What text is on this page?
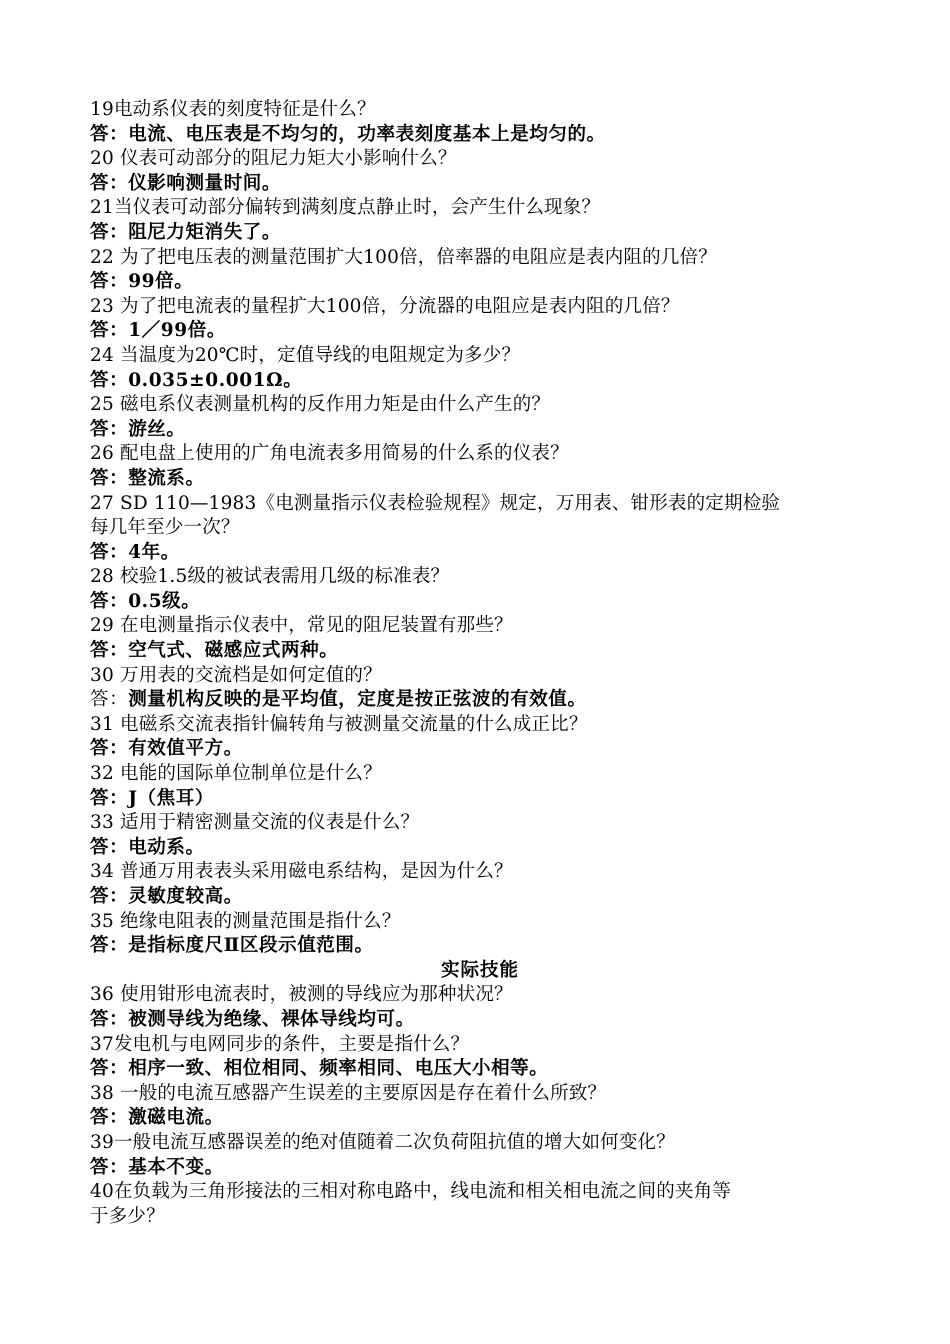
19电动系仪表的刻度特征是什么？
答：电流、电压表是不均匀的，功率表刻度基本上是均匀的。
20 仪表可动部分的阻尼力矩大小影响什么？
答：仪影响测量时间。
21当仪表可动部分偏转到满刻度点静止时，会产生什么现象？
答：阻尼力矩消失了。
22 为了把电压表的测量范围扩大100倍，倍率器的电阻应是表内阻的几倍？
答：99倍。
23 为了把电流表的量程扩大100倍，分流器的电阻应是表内阻的几倍？
答：1／99倍。
24 当温度为20℃时，定值导线的电阻规定为多少？
答：0.035±0.001Ω。
25 磁电系仪表测量机构的反作用力矩是由什么产生的？
答：游丝。
26 配电盘上使用的广角电流表多用简易的什么系的仪表？
答：整流系。
27 SD 110—1983《电测量指示仪表检验规程》规定，万用表、钳形表的定期检验
每几年至少一次？
答：4年。
28 校验1.5级的被试表需用几级的标准表？
答：0.5级。
29 在电测量指示仪表中，常见的阻尼装置有那些？
答：空气式、磁感应式两种。
30 万用表的交流档是如何定值的？
答：测量机构反映的是平均值，定度是按正弦波的有效值。
31 电磁系交流表指针偏转角与被测量交流量的什么成正比？
答：有效值平方。
32 电能的国际单位制单位是什么？
答：J（焦耳）
33 适用于精密测量交流的仪表是什么？
答：电动系。
34 普通万用表表头采用磁电系结构，是因为什么？
答：灵敏度较高。
35 绝缘电阻表的测量范围是指什么？
答：是指标度尺Ⅱ区段示值范围。
实际技能
36 使用钳形电流表时，被测的导线应为那种状况？
答：被测导线为绝缘、裸体导线均可。
37发电机与电网同步的条件，主要是指什么？
答：相序一致、相位相同、频率相同、电压大小相等。
38 一般的电流互感器产生误差的主要原因是存在着什么所致？
答：激磁电流。
39一般电流互感器误差的绝对值随着二次负荷阻抗值的增大如何变化？
答：基本不变。
40在负载为三角形接法的三相对称电路中，线电流和相关相电流之间的夹角等
于多少？
